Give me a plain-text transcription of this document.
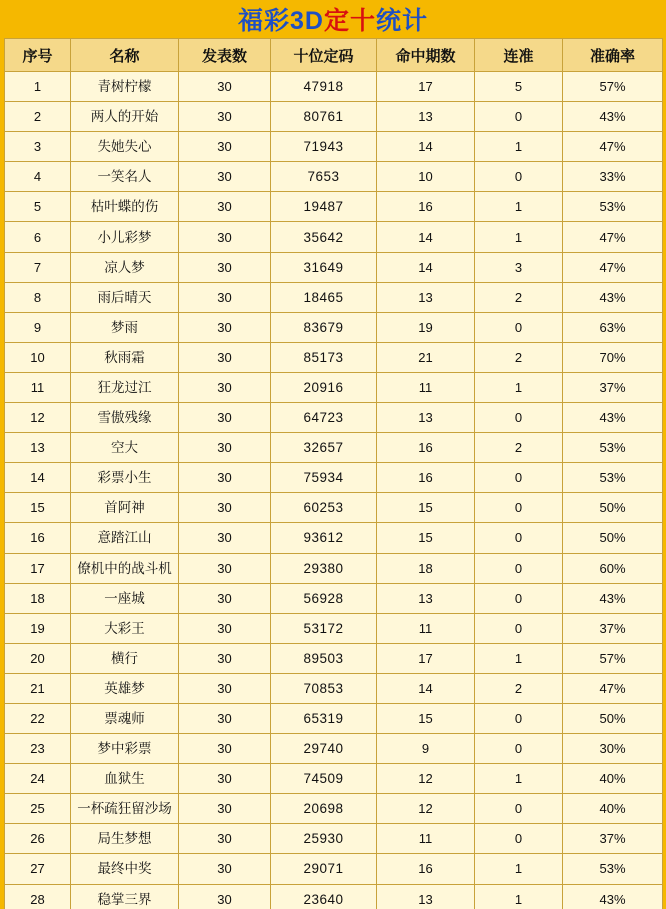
福彩3D定十统计
序号	名称	发表数	十位定码	命中期数	连准	准确率
1	青树柠檬	30	47918	17	5	57%
2	两人的开始	30	80761	13	0	43%
3	失她失心	30	71943	14	1	47%
4	一笑名人	30	7653	10	0	33%
5	枯叶蝶的伤	30	19487	16	1	53%
6	小儿彩梦	30	35642	14	1	47%
7	凉人梦	30	31649	14	3	47%
8	雨后晴天	30	18465	13	2	43%
9	梦雨	30	83679	19	0	63%
10	秋雨霜	30	85173	21	2	70%
11	狂龙过江	30	20916	11	1	37%
12	雪傲残缘	30	64723	13	0	43%
13	空大	30	32657	16	2	53%
14	彩票小生	30	75934	16	0	53%
15	首阿神	30	60253	15	0	50%
16	意踏江山	30	93612	15	0	50%
17	僚机中的战斗机	30	29380	18	0	60%
18	一座城	30	56928	13	0	43%
19	大彩王	30	53172	11	0	37%
20	横行	30	89503	17	1	57%
21	英雄梦	30	70853	14	2	47%
22	票魂师	30	65319	15	0	50%
23	梦中彩票	30	29740	9	0	30%
24	血狱生	30	74509	12	1	40%
25	一杯疏狂留沙场	30	20698	12	0	40%
26	局生梦想	30	25930	11	0	37%
27	最终中奖	30	29071	16	1	53%
28	稳掌三界	30	23640	13	1	43%
